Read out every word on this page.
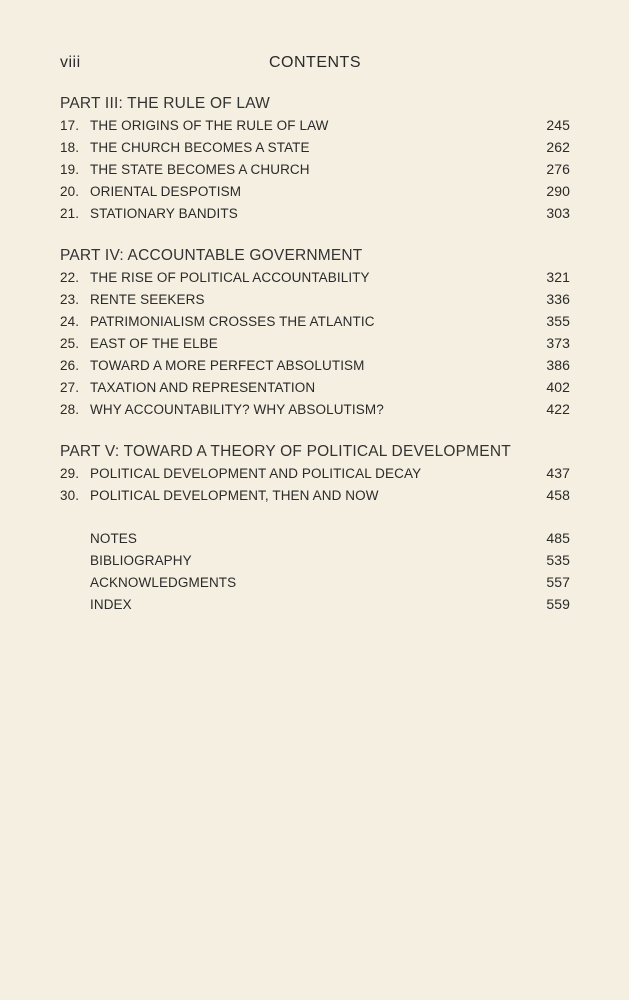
viii	CONTENTS
PART III: THE RULE OF LAW
17. THE ORIGINS OF THE RULE OF LAW	245
18. THE CHURCH BECOMES A STATE	262
19. THE STATE BECOMES A CHURCH	276
20. ORIENTAL DESPOTISM	290
21. STATIONARY BANDITS	303
PART IV: ACCOUNTABLE GOVERNMENT
22. THE RISE OF POLITICAL ACCOUNTABILITY	321
23. RENTE SEEKERS	336
24. PATRIMONIALISM CROSSES THE ATLANTIC	355
25. EAST OF THE ELBE	373
26. TOWARD A MORE PERFECT ABSOLUTISM	386
27. TAXATION AND REPRESENTATION	402
28. WHY ACCOUNTABILITY? WHY ABSOLUTISM?	422
PART V: TOWARD A THEORY OF POLITICAL DEVELOPMENT
29. POLITICAL DEVELOPMENT AND POLITICAL DECAY	437
30. POLITICAL DEVELOPMENT, THEN AND NOW	458
NOTES	485
BIBLIOGRAPHY	535
ACKNOWLEDGMENTS	557
INDEX	559
